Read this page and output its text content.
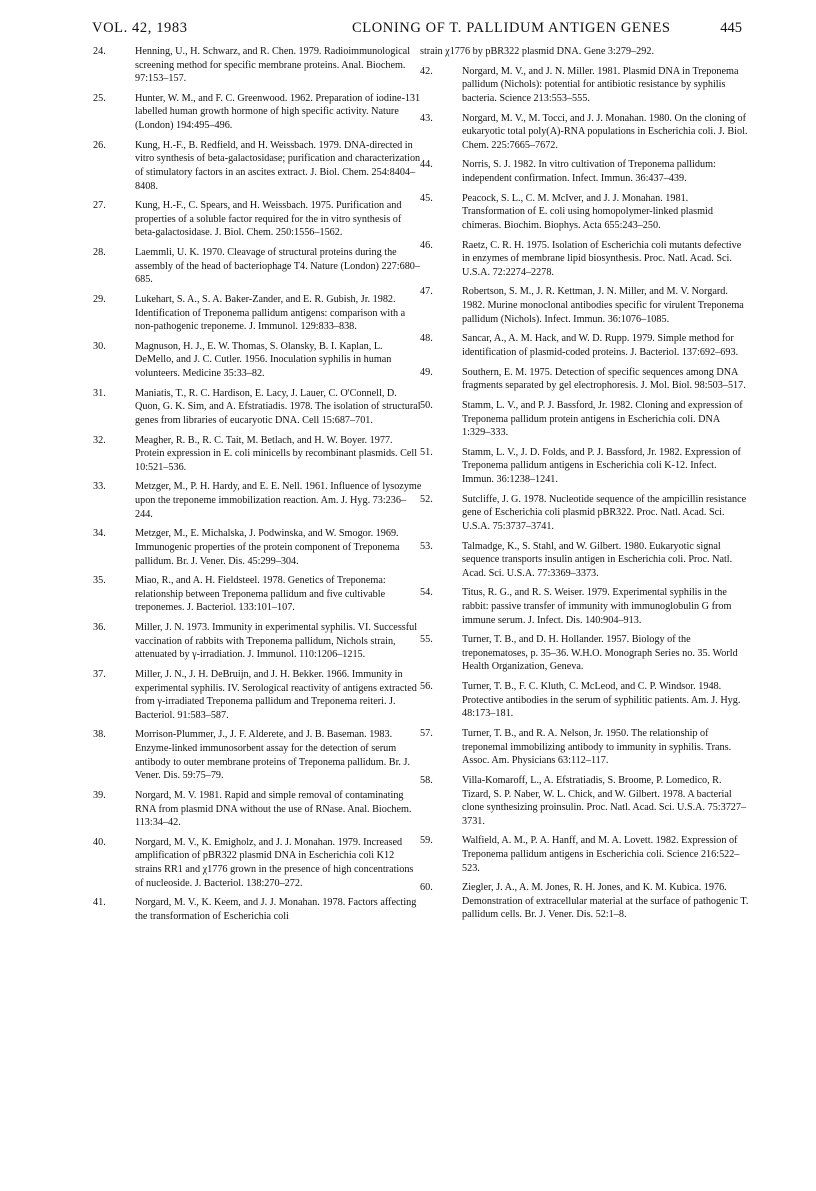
VOL. 42, 1983	CLONING OF T. PALLIDUM ANTIGEN GENES	445
24.	Henning, U., H. Schwarz, and R. Chen. 1979. Radioimmunological screening method for specific membrane proteins. Anal. Biochem. 97:153–157.
25.	Hunter, W. M., and F. C. Greenwood. 1962. Preparation of iodine-131 labelled human growth hormone of high specific activity. Nature (London) 194:495–496.
26.	Kung, H.-F., B. Redfield, and H. Weissbach. 1979. DNA-directed in vitro synthesis of beta-galactosidase; purification and characterization of stimulatory factors in an ascites extract. J. Biol. Chem. 254:8404–8408.
27.	Kung, H.-F., C. Spears, and H. Weissbach. 1975. Purification and properties of a soluble factor required for the in vitro synthesis of beta-galactosidase. J. Biol. Chem. 250:1556–1562.
28.	Laemmli, U. K. 1970. Cleavage of structural proteins during the assembly of the head of bacteriophage T4. Nature (London) 227:680–685.
29.	Lukehart, S. A., S. A. Baker-Zander, and E. R. Gubish, Jr. 1982. Identification of Treponema pallidum antigens: comparison with a non-pathogenic treponeme. J. Immunol. 129:833–838.
30.	Magnuson, H. J., E. W. Thomas, S. Olansky, B. I. Kaplan, L. DeMello, and J. C. Cutler. 1956. Inoculation syphilis in human volunteers. Medicine 35:33–82.
31.	Maniatis, T., R. C. Hardison, E. Lacy, J. Lauer, C. O'Connell, D. Quon, G. K. Sim, and A. Efstratiadis. 1978. The isolation of structural genes from libraries of eucaryotic DNA. Cell 15:687–701.
32.	Meagher, R. B., R. C. Tait, M. Betlach, and H. W. Boyer. 1977. Protein expression in E. coli minicells by recombinant plasmids. Cell 10:521–536.
33.	Metzger, M., P. H. Hardy, and E. E. Nell. 1961. Influence of lysozyme upon the treponeme immobilization reaction. Am. J. Hyg. 73:236–244.
34.	Metzger, M., E. Michalska, J. Podwinska, and W. Smogor. 1969. Immunogenic properties of the protein component of Treponema pallidum. Br. J. Vener. Dis. 45:299–304.
35.	Miao, R., and A. H. Fieldsteel. 1978. Genetics of Treponema: relationship between Treponema pallidum and five cultivable treponemes. J. Bacteriol. 133:101–107.
36.	Miller, J. N. 1973. Immunity in experimental syphilis. VI. Successful vaccination of rabbits with Treponema pallidum, Nichols strain, attenuated by γ-irradiation. J. Immunol. 110:1206–1215.
37.	Miller, J. N., J. H. DeBruijn, and J. H. Bekker. 1966. Immunity in experimental syphilis. IV. Serological reactivity of antigens extracted from γ-irradiated Treponema pallidum and Treponema reiteri. J. Bacteriol. 91:583–587.
38.	Morrison-Plummer, J., J. F. Alderete, and J. B. Baseman. 1983. Enzyme-linked immunosorbent assay for the detection of serum antibody to outer membrane proteins of Treponema pallidum. Br. J. Vener. Dis. 59:75–79.
39.	Norgard, M. V. 1981. Rapid and simple removal of contaminating RNA from plasmid DNA without the use of RNase. Anal. Biochem. 113:34–42.
40.	Norgard, M. V., K. Emigholz, and J. J. Monahan. 1979. Increased amplification of pBR322 plasmid DNA in Escherichia coli K12 strains RR1 and χ1776 grown in the presence of high concentrations of nucleoside. J. Bacteriol. 138:270–272.
41.	Norgard, M. V., K. Keem, and J. J. Monahan. 1978. Factors affecting the transformation of Escherichia coli
strain χ1776 by pBR322 plasmid DNA. Gene 3:279–292.
42.	Norgard, M. V., and J. N. Miller. 1981. Plasmid DNA in Treponema pallidum (Nichols): potential for antibiotic resistance by syphilis bacteria. Science 213:553–555.
43.	Norgard, M. V., M. Tocci, and J. J. Monahan. 1980. On the cloning of eukaryotic total poly(A)-RNA populations in Escherichia coli. J. Biol. Chem. 225:7665–7672.
44.	Norris, S. J. 1982. In vitro cultivation of Treponema pallidum: independent confirmation. Infect. Immun. 36:437–439.
45.	Peacock, S. L., C. M. McIver, and J. J. Monahan. 1981. Transformation of E. coli using homopolymer-linked plasmid chimeras. Biochim. Biophys. Acta 655:243–250.
46.	Raetz, C. R. H. 1975. Isolation of Escherichia coli mutants defective in enzymes of membrane lipid biosynthesis. Proc. Natl. Acad. Sci. U.S.A. 72:2274–2278.
47.	Robertson, S. M., J. R. Kettman, J. N. Miller, and M. V. Norgard. 1982. Murine monoclonal antibodies specific for virulent Treponema pallidum (Nichols). Infect. Immun. 36:1076–1085.
48.	Sancar, A., A. M. Hack, and W. D. Rupp. 1979. Simple method for identification of plasmid-coded proteins. J. Bacteriol. 137:692–693.
49.	Southern, E. M. 1975. Detection of specific sequences among DNA fragments separated by gel electrophoresis. J. Mol. Biol. 98:503–517.
50.	Stamm, L. V., and P. J. Bassford, Jr. 1982. Cloning and expression of Treponema pallidum protein antigens in Escherichia coli. DNA 1:329–333.
51.	Stamm, L. V., J. D. Folds, and P. J. Bassford, Jr. 1982. Expression of Treponema pallidum antigens in Escherichia coli K-12. Infect. Immun. 36:1238–1241.
52.	Sutcliffe, J. G. 1978. Nucleotide sequence of the ampicillin resistance gene of Escherichia coli plasmid pBR322. Proc. Natl. Acad. Sci. U.S.A. 75:3737–3741.
53.	Talmadge, K., S. Stahl, and W. Gilbert. 1980. Eukaryotic signal sequence transports insulin antigen in Escherichia coli. Proc. Natl. Acad. Sci. U.S.A. 77:3369–3373.
54.	Titus, R. G., and R. S. Weiser. 1979. Experimental syphilis in the rabbit: passive transfer of immunity with immunoglobulin G from immune serum. J. Infect. Dis. 140:904–913.
55.	Turner, T. B., and D. H. Hollander. 1957. Biology of the treponematoses, p. 35–36. W.H.O. Monograph Series no. 35. World Health Organization, Geneva.
56.	Turner, T. B., F. C. Kluth, C. McLeod, and C. P. Windsor. 1948. Protective antibodies in the serum of syphilitic patients. Am. J. Hyg. 48:173–181.
57.	Turner, T. B., and R. A. Nelson, Jr. 1950. The relationship of treponemal immobilizing antibody to immunity in syphilis. Trans. Assoc. Am. Physicians 63:112–117.
58.	Villa-Komaroff, L., A. Efstratiadis, S. Broome, P. Lomedico, R. Tizard, S. P. Naber, W. L. Chick, and W. Gilbert. 1978. A bacterial clone synthesizing proinsulin. Proc. Natl. Acad. Sci. U.S.A. 75:3727–3731.
59.	Walfield, A. M., P. A. Hanff, and M. A. Lovett. 1982. Expression of Treponema pallidum antigens in Escherichia coli. Science 216:522–523.
60.	Ziegler, J. A., A. M. Jones, R. H. Jones, and K. M. Kubica. 1976. Demonstration of extracellular material at the surface of pathogenic T. pallidum cells. Br. J. Vener. Dis. 52:1–8.
